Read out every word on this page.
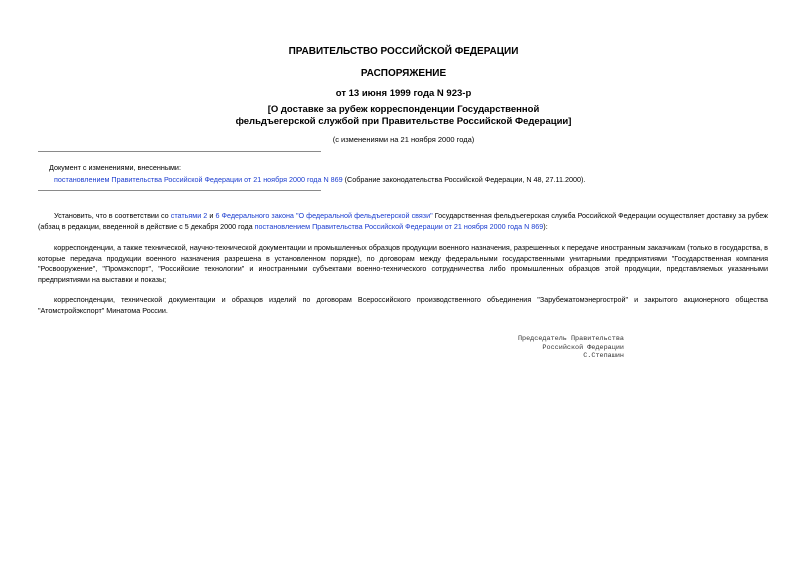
ПРАВИТЕЛЬСТВО РОССИЙСКОЙ ФЕДЕРАЦИИ
РАСПОРЯЖЕНИЕ
от 13 июня 1999 года N 923-р
[О доставке за рубеж корреспонденции Государственной
фельдъегерской службой при Правительстве Российской Федерации]
(с изменениями на 21 ноября 2000 года)
Документ с изменениями, внесенными:
постановлением Правительства Российской Федерации от 21 ноября 2000 года N 869 (Собрание законодательства Российской Федерации, N 48, 27.11.2000).

Установить, что в соответствии со статьями 2 и 6 Федерального закона "О федеральной фельдъегерской связи" Государственная фельдъегерская служба Российской Федерации осуществляет доставку за рубеж (абзац в редакции, введенной в действие с 5 декабря 2000 года постановлением Правительства Российской Федерации от 21 ноября 2000 года N 869):

корреспонденции, а также технической, научно-технической документации и промышленных образцов продукции военного назначения, разрешенных к передаче иностранным заказчикам (только в государства, в которые передача продукции военного назначения разрешена в установленном порядке), по договорам между федеральными государственными унитарными предприятиями "Государственная компания "Росвооружение", "Промэкспорт", "Российские технологии" и иностранными субъектами военно-технического сотрудничества либо промышленных образцов этой продукции, представляемых указанными предприятиями на выставки и показы;

корреспонденции, технической документации и образцов изделий по договорам Всероссийского производственного объединения "Зарубежатомэнергострой" и закрытого акционерного общества "Атомстройэкспорт" Минатома России.

Председатель Правительства
Российской Федерации
С.Степашин
